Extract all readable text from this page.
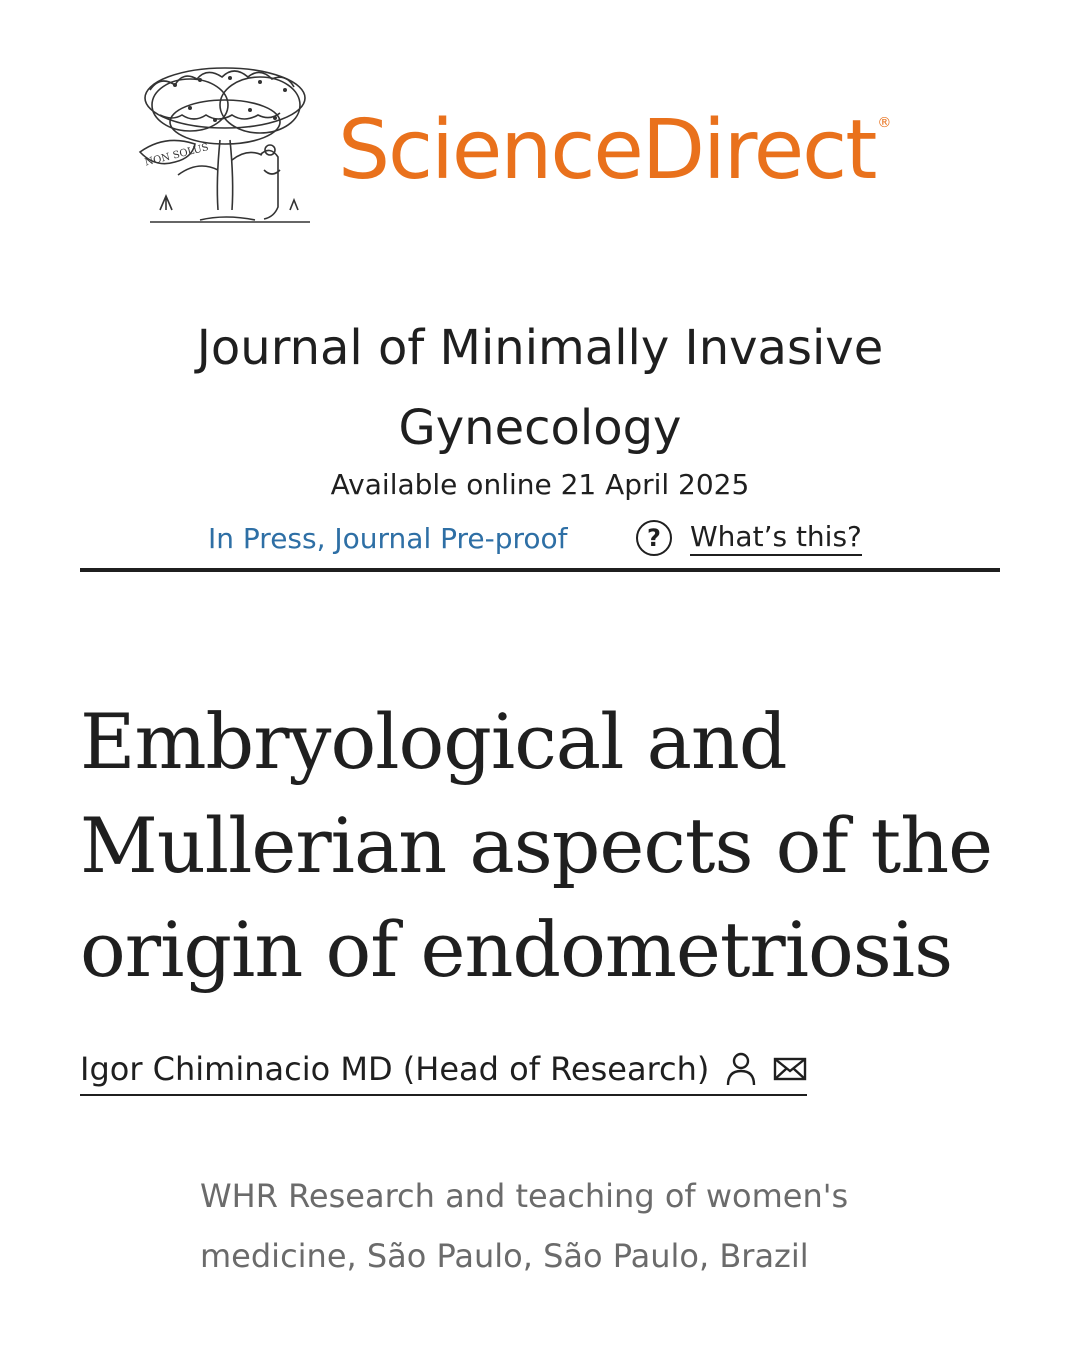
NON SOLUS ScienceDirect ®
Journal of Minimally Invasive
Gynecology
Available online 21 April 2025
In Press, Journal Pre-proof	?	What’s this?
Embryological and
Mullerian aspects of the
origin of endometriosis
Igor Chiminacio MD (Head of Research)
WHR Research and teaching of women's
medicine, São Paulo, São Paulo, Brazil
